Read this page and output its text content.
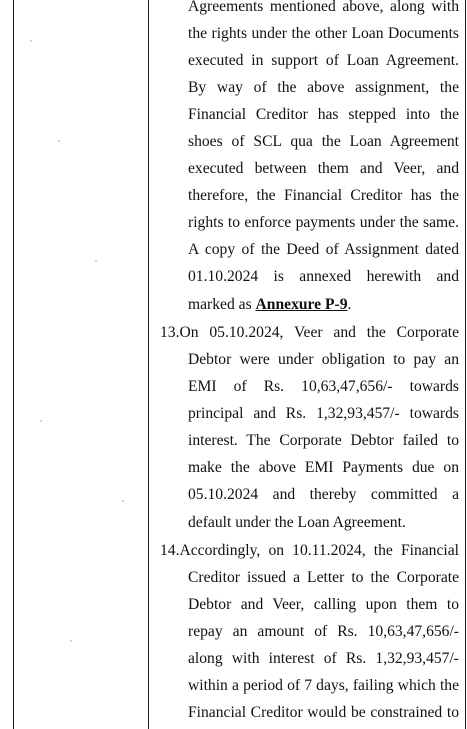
Agreements mentioned above, along with
the rights under the other Loan Documents
executed in support of Loan Agreement.
By way of the above assignment, the
Financial Creditor has stepped into the
shoes of SCL qua the Loan Agreement
executed between them and Veer, and
therefore, the Financial Creditor has the
rights to enforce payments under the same.
A copy of the Deed of Assignment dated
01.10.2024 is annexed herewith and
marked as Annexure P-9.
13.On 05.10.2024, Veer and the Corporate
Debtor were under obligation to pay an
EMI of Rs. 10,63,47,656/- towards
principal and Rs. 1,32,93,457/- towards
interest. The Corporate Debtor failed to
make the above EMI Payments due on
05.10.2024 and thereby committed a
default under the Loan Agreement.
14.Accordingly, on 10.11.2024, the Financial
Creditor issued a Letter to the Corporate
Debtor and Veer, calling upon them to
repay an amount of Rs. 10,63,47,656/-
along with interest of Rs. 1,32,93,457/-
within a period of 7 days, failing which the
Financial Creditor would be constrained to
